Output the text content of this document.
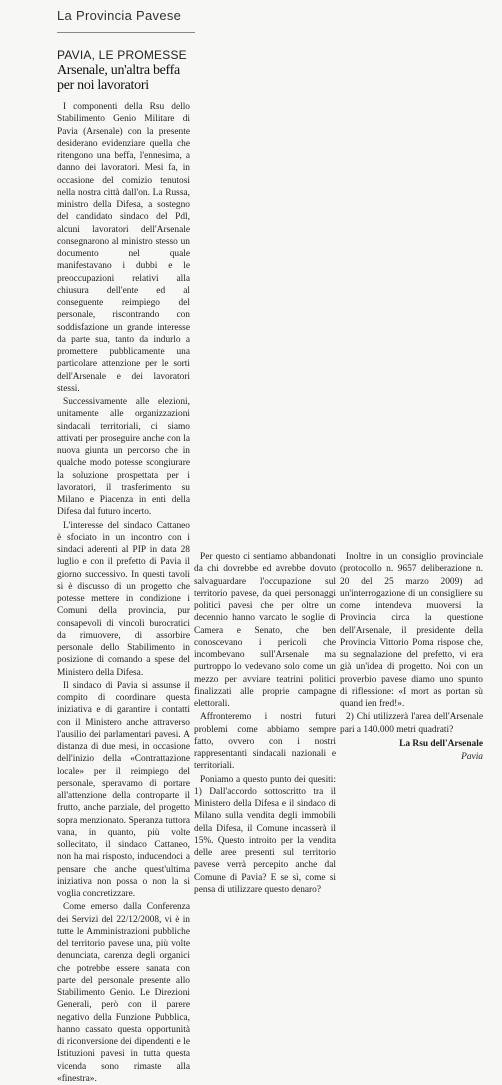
La Provincia Pavese
PAVIA, LE PROMESSE
Arsenale, un'altra beffa per noi lavoratori

I componenti della Rsu dello Stabilimento Genio Militare di Pavia (Arsenale) con la presente desiderano evidenziare quella che ritengono una beffa, l'ennesima, a danno dei lavoratori. Mesi fa, in occasione del comizio tenutosi nella nostra città dall'on. La Russa, ministro della Difesa, a sostegno del candidato sindaco del Pdl, alcuni lavoratori dell'Arsenale consegnarono al ministro stesso un documento nel quale manifestavano i dubbi e le preoccupazioni relativi alla chiusura dell'ente ed al conseguente reimpiego del personale, riscontrando con soddisfazione un grande interesse da parte sua, tanto da indurlo a promettere pubblicamente una particolare attenzione per le sorti dell'Arsenale e dei lavoratori stessi.

Successivamente alle elezioni, unitamente alle organizzazioni sindacali territoriali, ci siamo attivati per proseguire anche con la nuova giunta un percorso che in qualche modo potesse scongiurare la soluzione prospettata per i lavoratori, il trasferimento su Milano e Piacenza in enti della Difesa dal futuro incerto.

L'interesse del sindaco Cattaneo è sfociato in un incontro con i sindaci aderenti al PIP in data 28 luglio e con il prefetto di Pavia il giorno successivo. In questi tavoli si è discusso di un progetto che potesse mettere in condizione i Comuni della provincia, pur consapevoli di vincoli burocratici da rimuovere, di assorbire personale dello Stabilimento in posizione di comando a spese del Ministero della Difesa.

Il sindaco di Pavia si assunse il compito di coordinare questa iniziativa e di garantire i contatti con il Ministero anche attraverso l'ausilio dei parlamentari pavesi. A distanza di due mesi, in occasione dell'inizio della «Contrattazione locale» per il reimpiego del personale, speravamo di portare all'attenzione della controparte il frutto, anche parziale, del progetto sopra menzionato. Speranza tuttora vana, in quanto, più volte sollecitato, il sindaco Cattaneo, non ha mai risposto, inducendoci a pensare che anche quest'ultima iniziativa non possa o non la si voglia concretizzare.

Come emerso dalla Conferenza dei Servizi del 22/12/2008, vi è in tutte le Amministrazioni pubbliche del territorio pavese una, più volte denunciata, carenza degli organici che potrebbe essere sanata con parte del personale presente allo Stabilimento Genio. Le Direzioni Generali, però con il parere negativo della Funzione Pubblica, hanno cassato questa opportunità di riconversione dei dipendenti e le Istituzioni pavesi in tutta questa vicenda sono rimaste alla «finestra».

Per questo ci sentiamo abbandonati da chi dovrebbe ed avrebbe dovuto salvaguardare l'occupazione sul territorio pavese, da quei personaggi politici pavesi che per oltre un decennio hanno varcato le soglie di Camera e Senato, che ben conoscevano i pericoli che incombevano sull'Arsenale ma purtroppo lo vedevano solo come un mezzo per avviare teatrini politici finalizzati alle proprie campagne elettorali.

Affronteremo i nostri futuri problemi come abbiamo sempre fatto, ovvero con i nostri rappresentanti sindacali nazionali e territoriali.

Poniamo a questo punto dei quesiti: 1) Dall'accordo sottoscritto tra il Ministero della Difesa e il sindaco di Milano sulla vendita degli immobili della Difesa, il Comune incasserà il 15%. Questo introito per la vendita delle aree presenti sul territorio pavese verrà percepito anche dal Comune di Pavia? E se sì, come si pensa di utilizzare questo denaro?

Inoltre in un consiglio provinciale (protocollo n. 9657 deliberazione n. 20 del 25 marzo 2009) ad un'interrogazione di un consigliere su come intendeva muoversi la Provincia circa la questione dell'Arsenale, il presidente della Provincia Vittorio Poma rispose che, su segnalazione del prefetto, vi era già un'idea di progetto. Noi con un proverbio pavese diamo uno spunto di riflessione: «I mort as portan sù quand ien fred!».

2) Chi utilizzerà l'area dell'Arsenale pari a 140.000 metri quadrati?

La Rsu dell'Arsenale

Pavia
